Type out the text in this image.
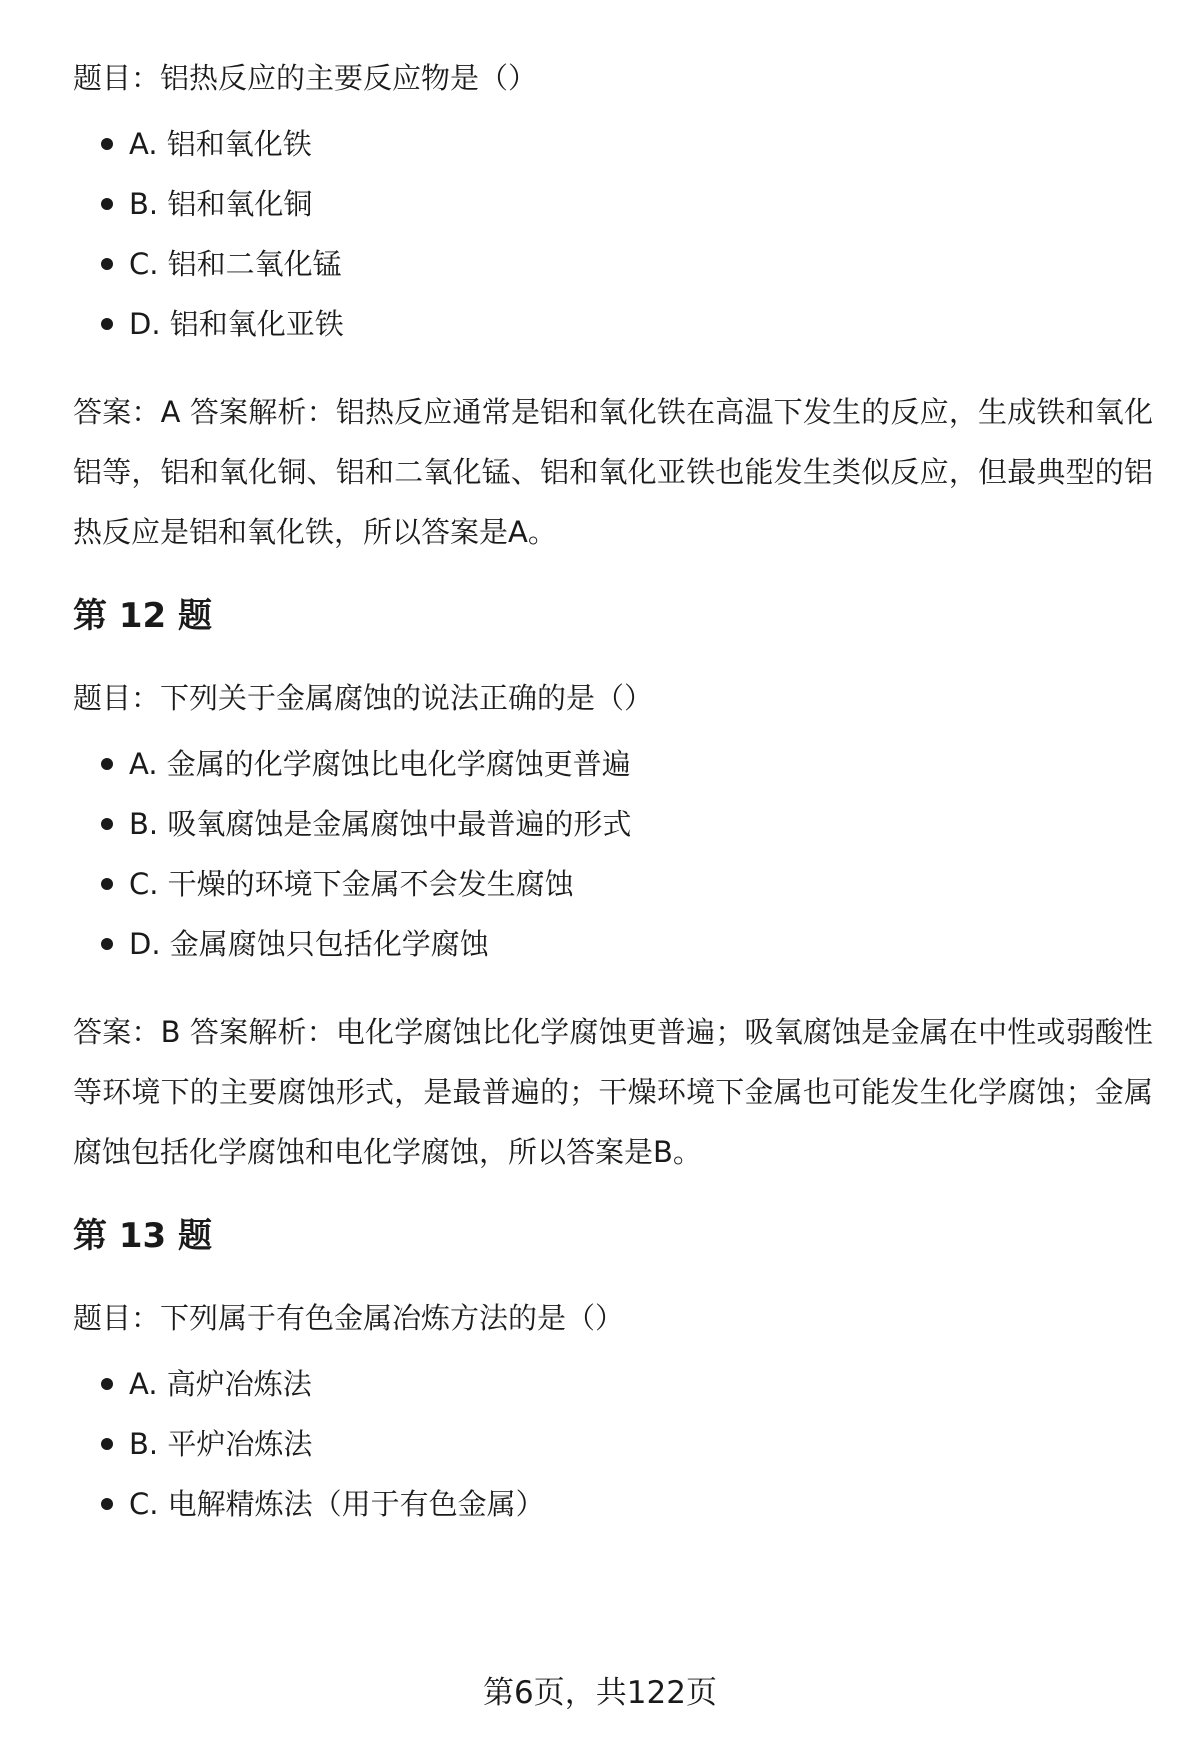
题目：铝热反应的主要反应物是（）

A. 铝和氧化铁
B. 铝和氧化铜
C. 铝和二氧化锰
D. 铝和氧化亚铁

答案：A 答案解析：铝热反应通常是铝和氧化铁在高温下发生的反应，生成铁和氧化铝等，铝和氧化铜、铝和二氧化锰、铝和氧化亚铁也能发生类似反应，但最典型的铝热反应是铝和氧化铁，所以答案是A。

第 12 题

题目：下列关于金属腐蚀的说法正确的是（）

A. 金属的化学腐蚀比电化学腐蚀更普遍
B. 吸氧腐蚀是金属腐蚀中最普遍的形式
C. 干燥的环境下金属不会发生腐蚀
D. 金属腐蚀只包括化学腐蚀

答案：B 答案解析：电化学腐蚀比化学腐蚀更普遍；吸氧腐蚀是金属在中性或弱酸性等环境下的主要腐蚀形式，是最普遍的；干燥环境下金属也可能发生化学腐蚀；金属腐蚀包括化学腐蚀和电化学腐蚀，所以答案是B。

第 13 题

题目：下列属于有色金属冶炼方法的是（）

A. 高炉冶炼法
B. 平炉冶炼法
C. 电解精炼法（用于有色金属）
第6页，共122页
